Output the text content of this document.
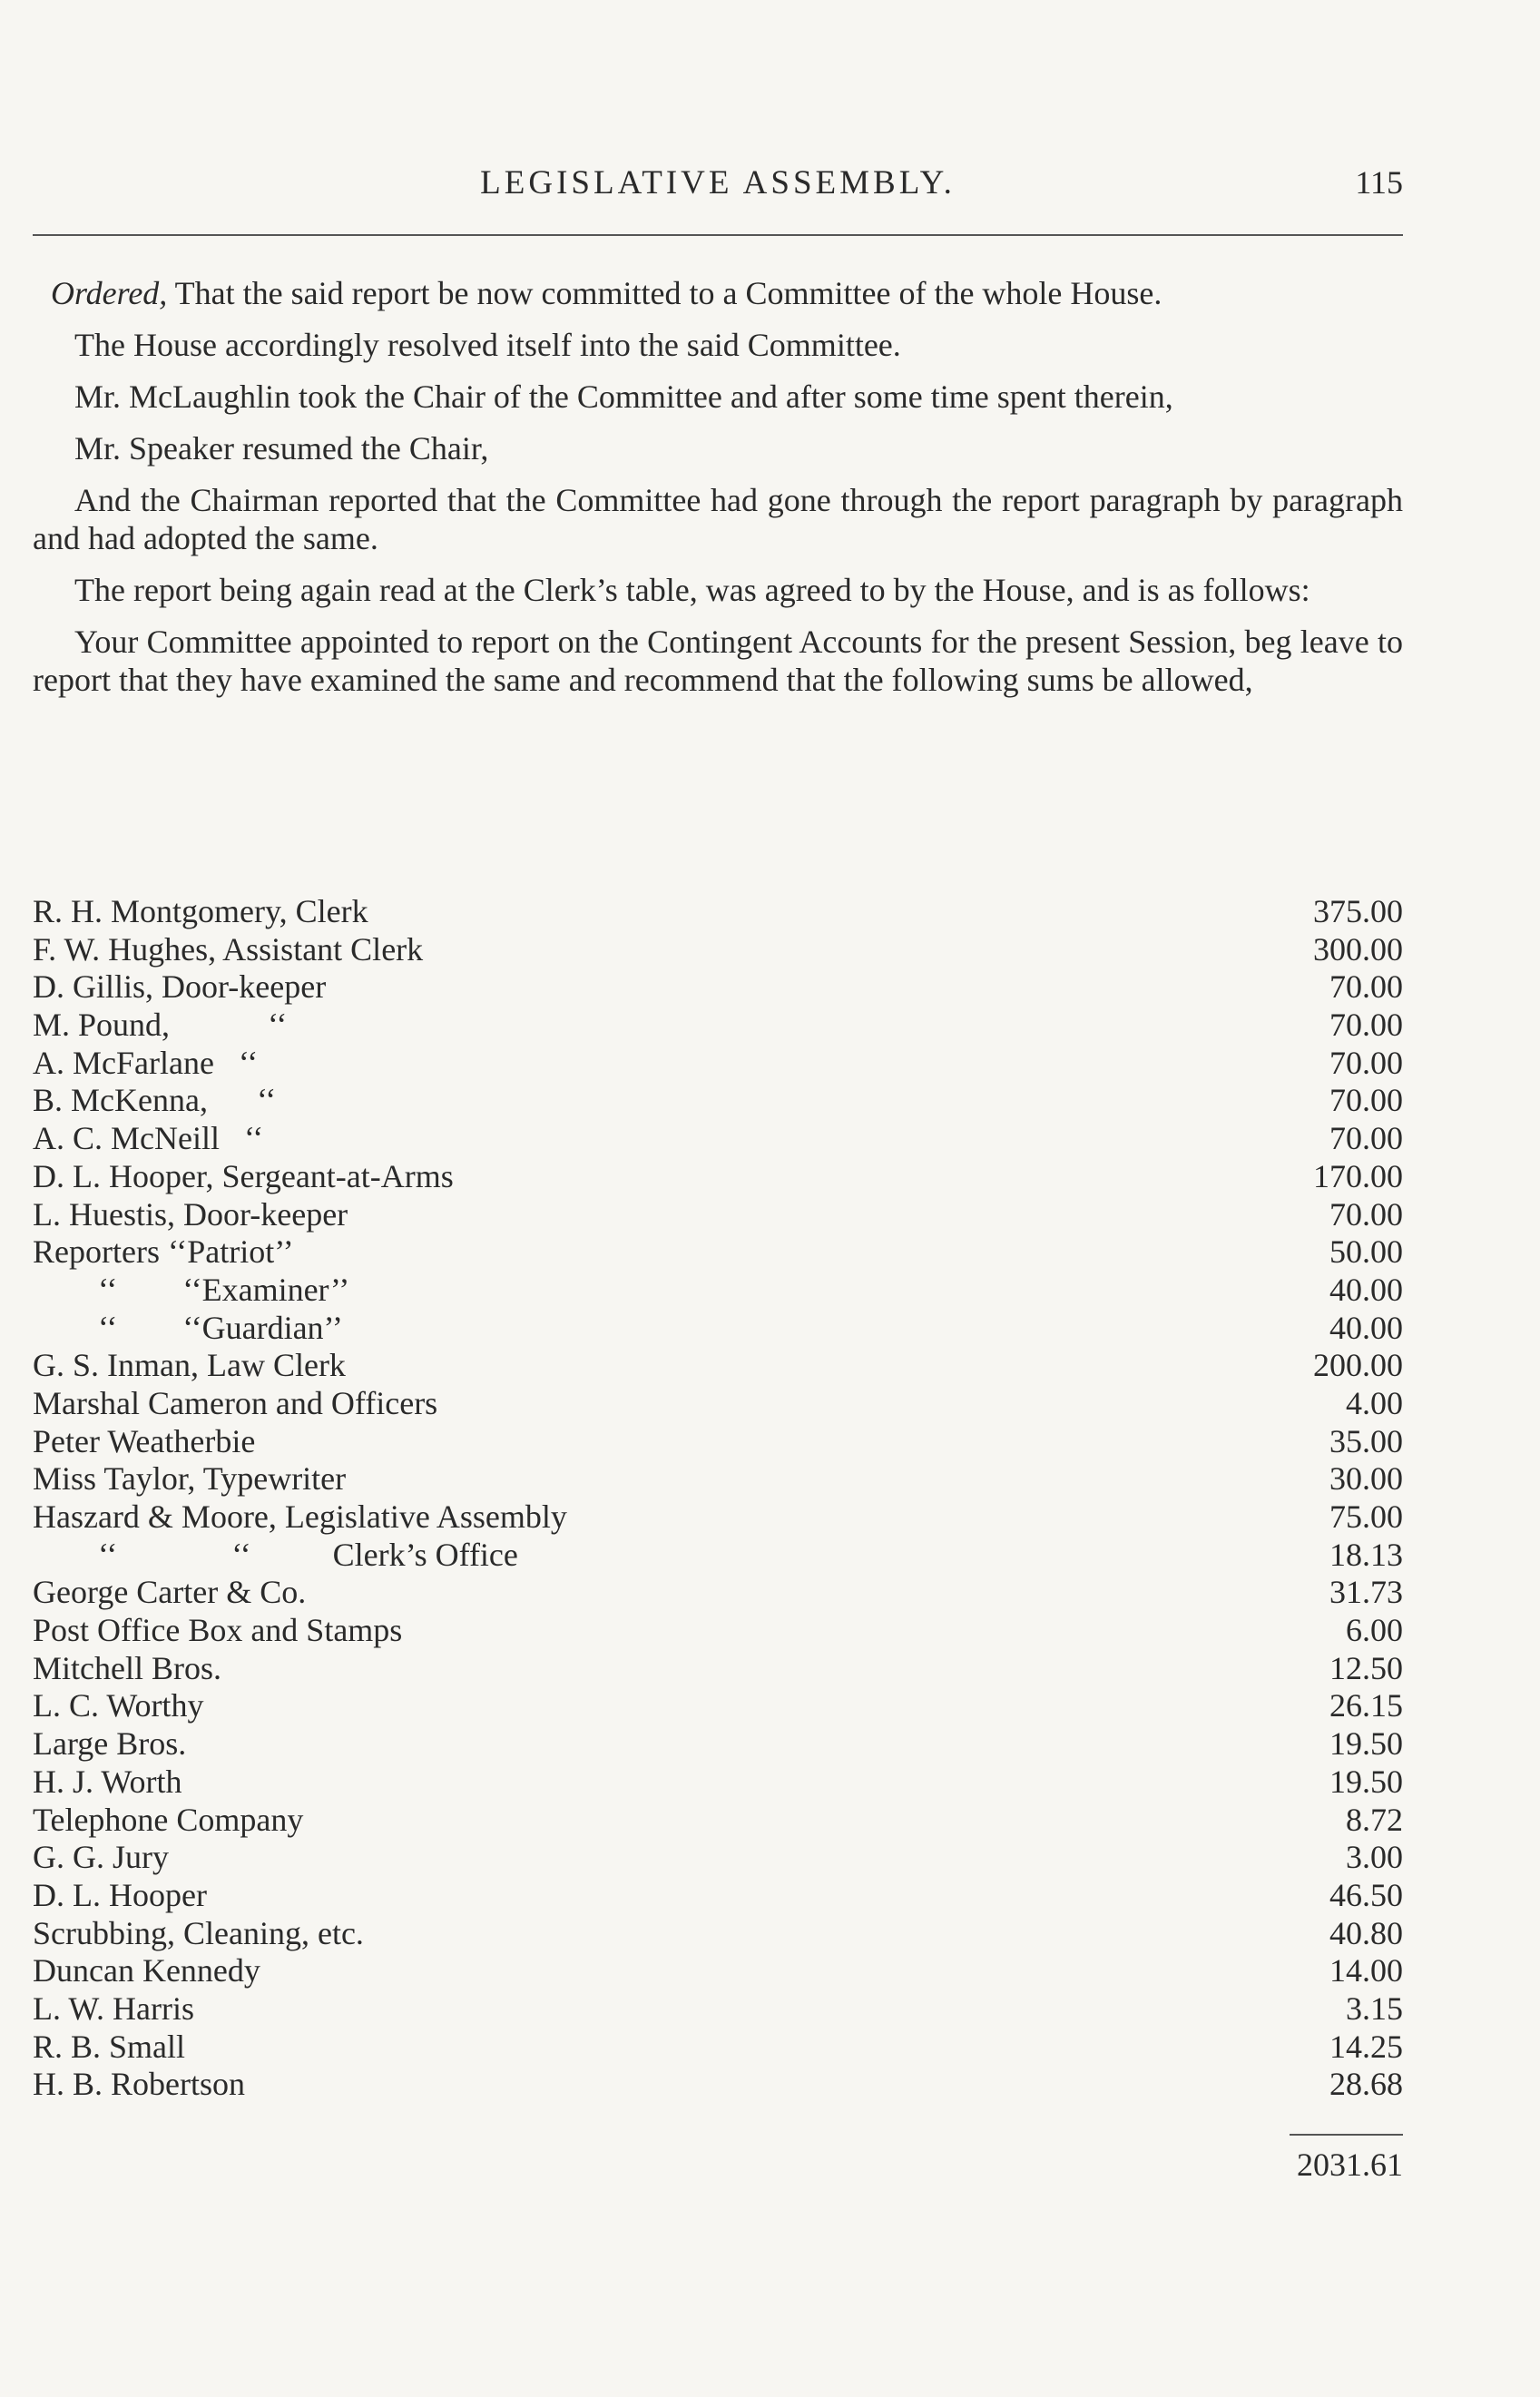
LEGISLATIVE ASSEMBLY.	115

Ordered, That the said report be now committed to a Committee of the whole House.

The House accordingly resolved itself into the said Committee.

Mr. McLaughlin took the Chair of the Committee and after some time spent therein,

Mr. Speaker resumed the Chair,

And the Chairman reported that the Committee had gone through the report paragraph by paragraph and had adopted the same.

The report being again read at the Clerk’s table, was agreed to by the House, and is as follows:

Your Committee appointed to report on the Contingent Accounts for the present Session, beg leave to report that they have examined the same and recommend that the following sums be allowed,

R. H. Montgomery, Clerk	375.00
F. W. Hughes, Assistant Clerk	300.00
D. Gillis, Door-keeper	70.00
M. Pound,            ‘‘	70.00
A. McFarlane   ‘‘	70.00
B. McKenna,      ‘‘	70.00
A. C. McNeill   ‘‘	70.00
D. L. Hooper, Sergeant-at-Arms	170.00
L. Huestis, Door-keeper	70.00
Reporters ‘‘Patriot’’	50.00
‘‘        ‘‘Examiner’’	40.00
‘‘        ‘‘Guardian’’	40.00
G. S. Inman, Law Clerk	200.00
Marshal Cameron and Officers	4.00
Peter Weatherbie	35.00
Miss Taylor, Typewriter	30.00
Haszard & Moore, Legislative Assembly	75.00
‘‘              ‘‘          Clerk’s Office	18.13
George Carter & Co.	31.73
Post Office Box and Stamps	6.00
Mitchell Bros.	12.50
L. C. Worthy	26.15
Large Bros.	19.50
H. J. Worth	19.50
Telephone Company	8.72
G. G. Jury	3.00
D. L. Hooper	46.50
Scrubbing, Cleaning, etc.	40.80
Duncan Kennedy	14.00
L. W. Harris	3.15
R. B. Small	14.25
H. B. Robertson	28.68
2031.61
